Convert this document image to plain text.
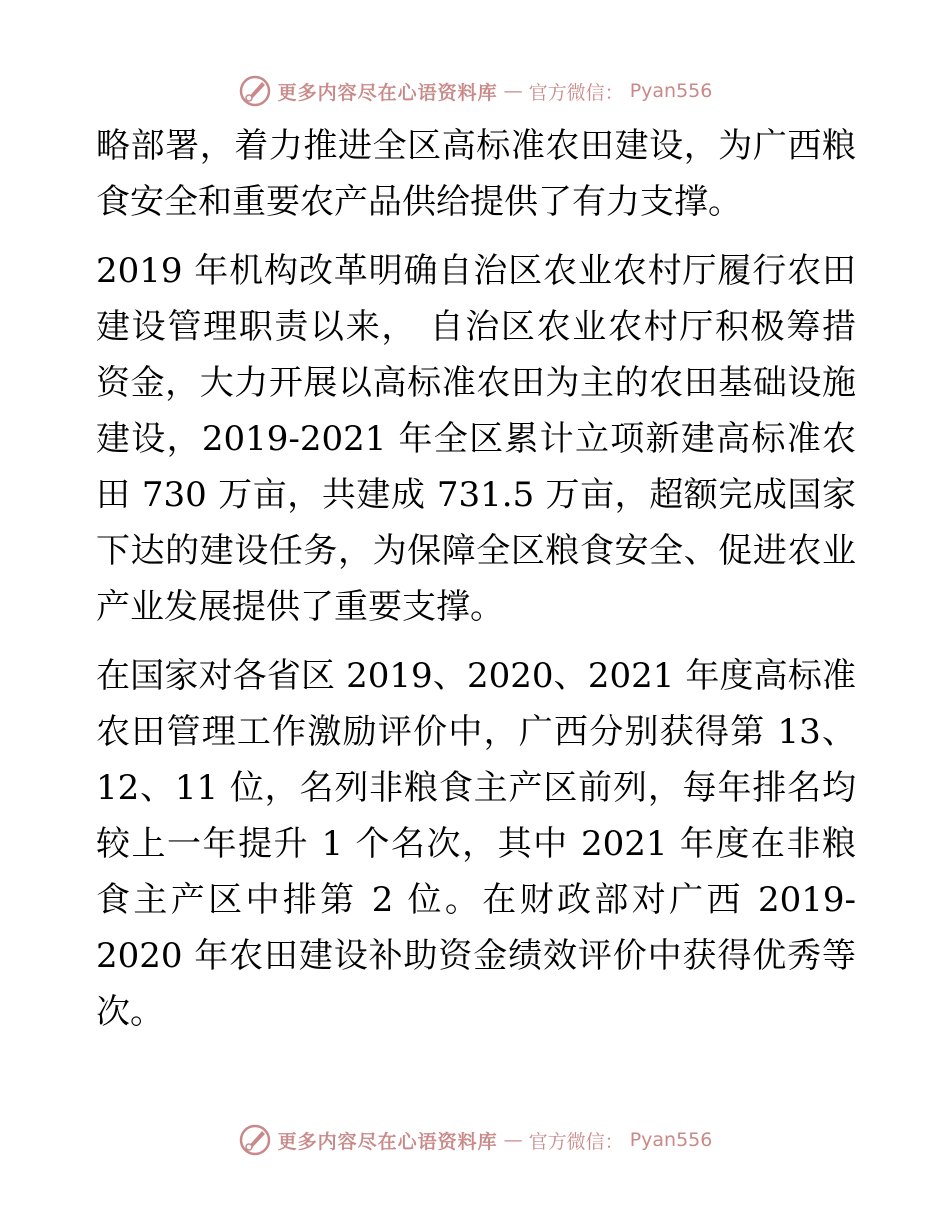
更多内容尽在心语资料库 — 官方微信： Pyan556

略部署，着力推进全区高标准农田建设，为广西粮
食安全和重要农产品供给提供了有力支撑。

2019 年机构改革明确自治区农业农村厅履行农田
建设管理职责以来， 自治区农业农村厅积极筹措
资金，大力开展以高标准农田为主的农田基础设施
建设，2019-2021 年全区累计立项新建高标准农
田 730 万亩，共建成 731.5 万亩，超额完成国家
下达的建设任务，为保障全区粮食安全、促进农业
产业发展提供了重要支撑。

在国家对各省区 2019、2020、2021 年度高标准
农田管理工作激励评价中，广西分别获得第 13、
12、11 位，名列非粮食主产区前列，每年排名均
较上一年提升 1 个名次，其中 2021 年度在非粮
食主产区中排第 2 位。在财政部对广西 2019-
2020 年农田建设补助资金绩效评价中获得优秀等
次。

更多内容尽在心语资料库 — 官方微信： Pyan556
